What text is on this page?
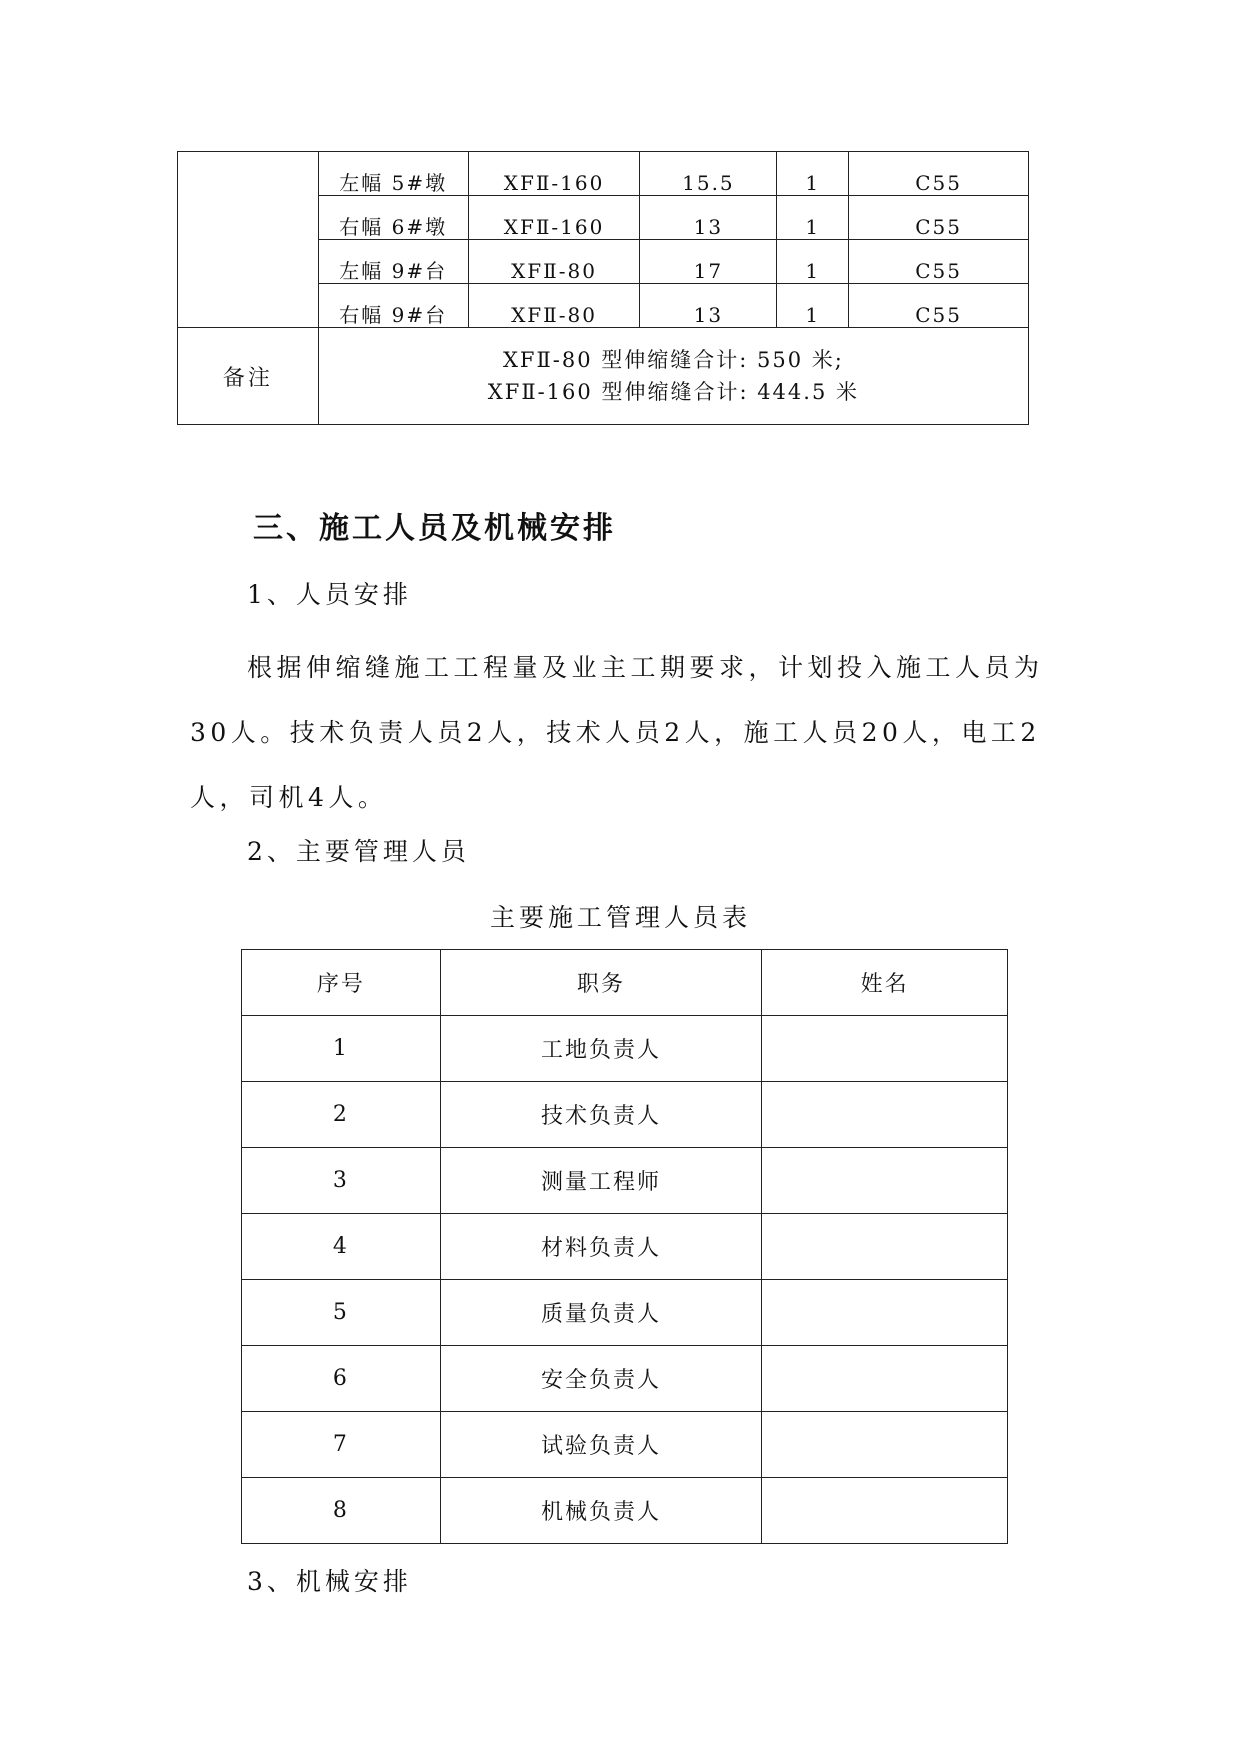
	左幅 5#墩	XFⅡ-160	15.5	1	C55

	右幅 6#墩	XFⅡ-160	13	1	C55

	左幅 9#台	XFⅡ-80	17	1	C55

	右幅 9#台	XFⅡ-80	13	1	C55

备注	XFⅡ-80 型伸缩缝合计: 550 米;
XFⅡ-160 型伸缩缝合计: 444.5 米				
三、施工人员及机械安排
1、人员安排

根据伸缩缝施工工程量及业主工期要求，计划投入施工人员为30人。技术负责人员2人，技术人员2人，施工人员20人，电工2人，司机4人。

2、主要管理人员
主要施工管理人员表
序号	职务	姓名
1	工地负责人	
2	技术负责人	
3	测量工程师	
4	材料负责人	
5	质量负责人	
6	安全负责人	
7	试验负责人	
8	机械负责人	
3、机械安排
